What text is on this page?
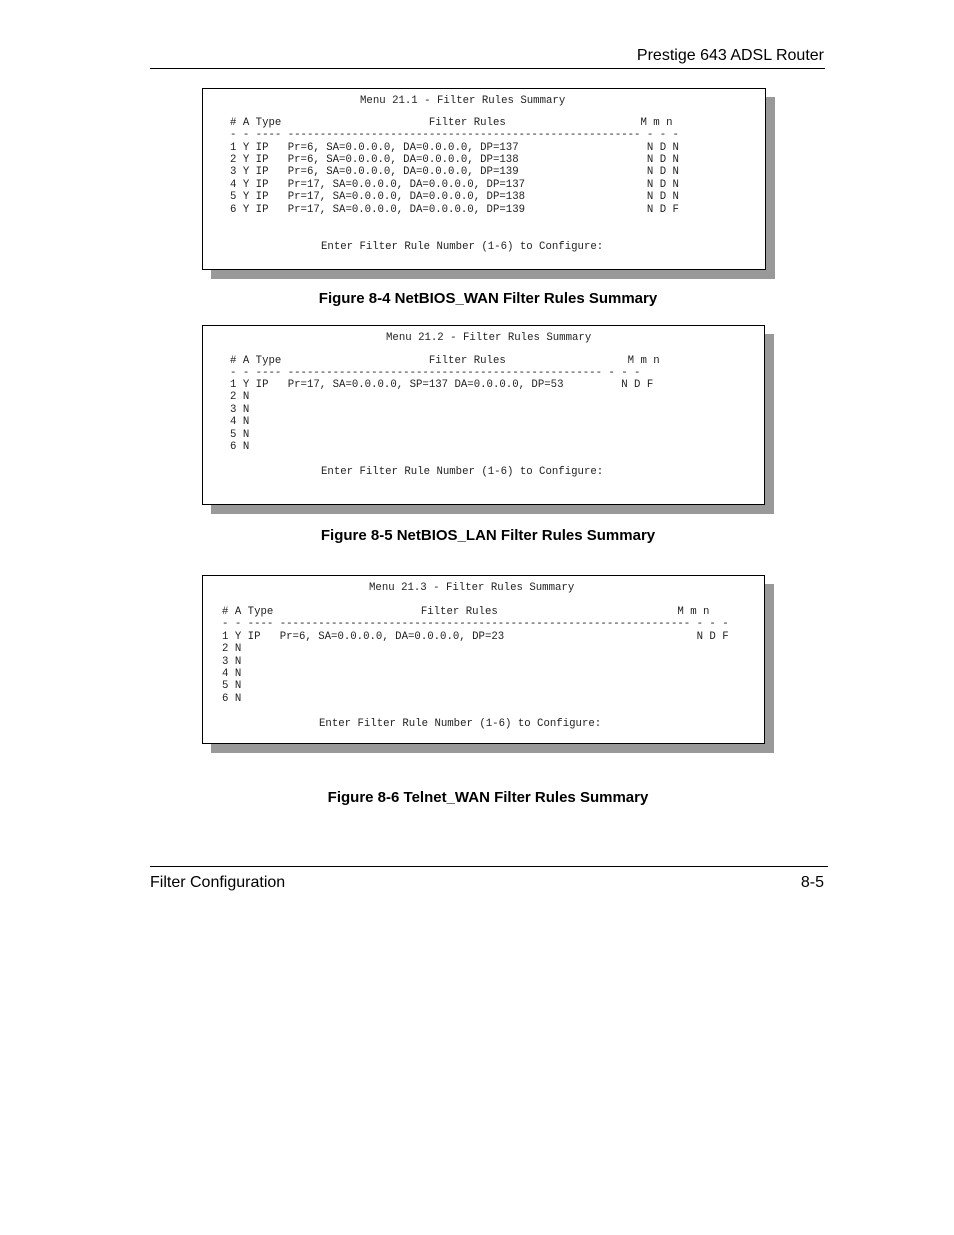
Prestige 643 ADSL Router
Menu 21.1 - Filter Rules Summary
# A Type                       Filter Rules                     M m n
- - ---- ------------------------------------------------------- - - -
1 Y IP   Pr=6, SA=0.0.0.0, DA=0.0.0.0, DP=137                    N D N
2 Y IP   Pr=6, SA=0.0.0.0, DA=0.0.0.0, DP=138                    N D N
3 Y IP   Pr=6, SA=0.0.0.0, DA=0.0.0.0, DP=139                    N D N
4 Y IP   Pr=17, SA=0.0.0.0, DA=0.0.0.0, DP=137                   N D N
5 Y IP   Pr=17, SA=0.0.0.0, DA=0.0.0.0, DP=138                   N D N
6 Y IP   Pr=17, SA=0.0.0.0, DA=0.0.0.0, DP=139                   N D F
Enter Filter Rule Number (1-6) to Configure:
Figure 8-4 NetBIOS_WAN Filter Rules Summary
Menu 21.2 - Filter Rules Summary
# A Type                       Filter Rules                   M m n
- - ---- ------------------------------------------------- - - -
1 Y IP   Pr=17, SA=0.0.0.0, SP=137 DA=0.0.0.0, DP=53         N D F
2 N
3 N
4 N
5 N
6 N
Enter Filter Rule Number (1-6) to Configure:
Figure 8-5 NetBIOS_LAN Filter Rules Summary
Menu 21.3 - Filter Rules Summary
# A Type                       Filter Rules                            M m n
- - ---- ---------------------------------------------------------------- - - -
1 Y IP   Pr=6, SA=0.0.0.0, DA=0.0.0.0, DP=23                              N D F
2 N
3 N
4 N
5 N
6 N
Enter Filter Rule Number (1-6) to Configure:
Figure 8-6 Telnet_WAN Filter Rules Summary
Filter Configuration	8-5
